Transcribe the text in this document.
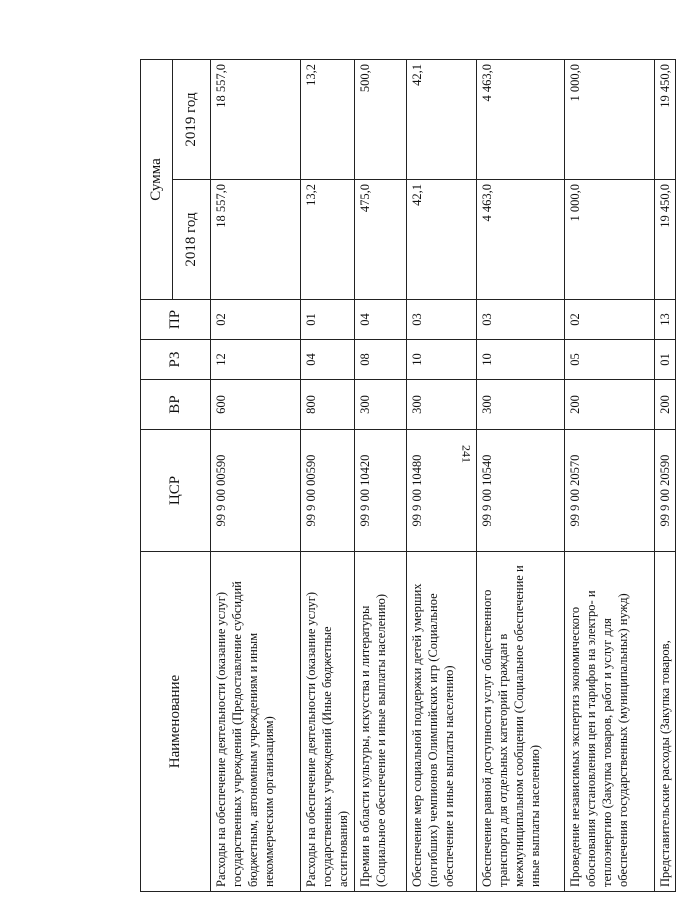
241
Наименование	ЦСР	ВР	РЗ	ПР	Сумма	
					2018 год	2019 год
Расходы на обеспечение деятельности (оказание услуг) государственных учреждений (Предоставление субсидий бюджетным, автономным учреждениям и иным некоммерческим организациям)	99 9 00 00590	600	12	02	18 557,0	18 557,0
Расходы на обеспечение деятельности (оказание услуг) государственных учреждений (Иные бюджетные ассигнования)	99 9 00 00590	800	04	01	13,2	13,2
Премии в области культуры, искусства и литературы (Социальное обеспечение и иные выплаты населению)	99 9 00 10420	300	08	04	475,0	500,0
Обеспечение мер социальной поддержки детей умерших (погибших) чемпионов Олимпийских игр (Социальное обеспечение и иные выплаты населению)	99 9 00 10480	300	10	03	42,1	42,1
Обеспечение равной доступности услуг общественного транспорта для отдельных категорий граждан в межмуниципальном сообщении (Социальное обеспечение и иные выплаты населению)	99 9 00 10540	300	10	03	4 463,0	4 463,0
Проведение независимых экспертиз экономического обоснования установления цен и тарифов на электро- и теплоэнергию (Закупка товаров, работ и услуг для обеспечения государственных (муниципальных) нужд)	99 9 00 20570	200	05	02	1 000,0	1 000,0
Представительские расходы (Закупка товаров,	99 9 00 20590	200	01	13	19 450,0	19 450,0
